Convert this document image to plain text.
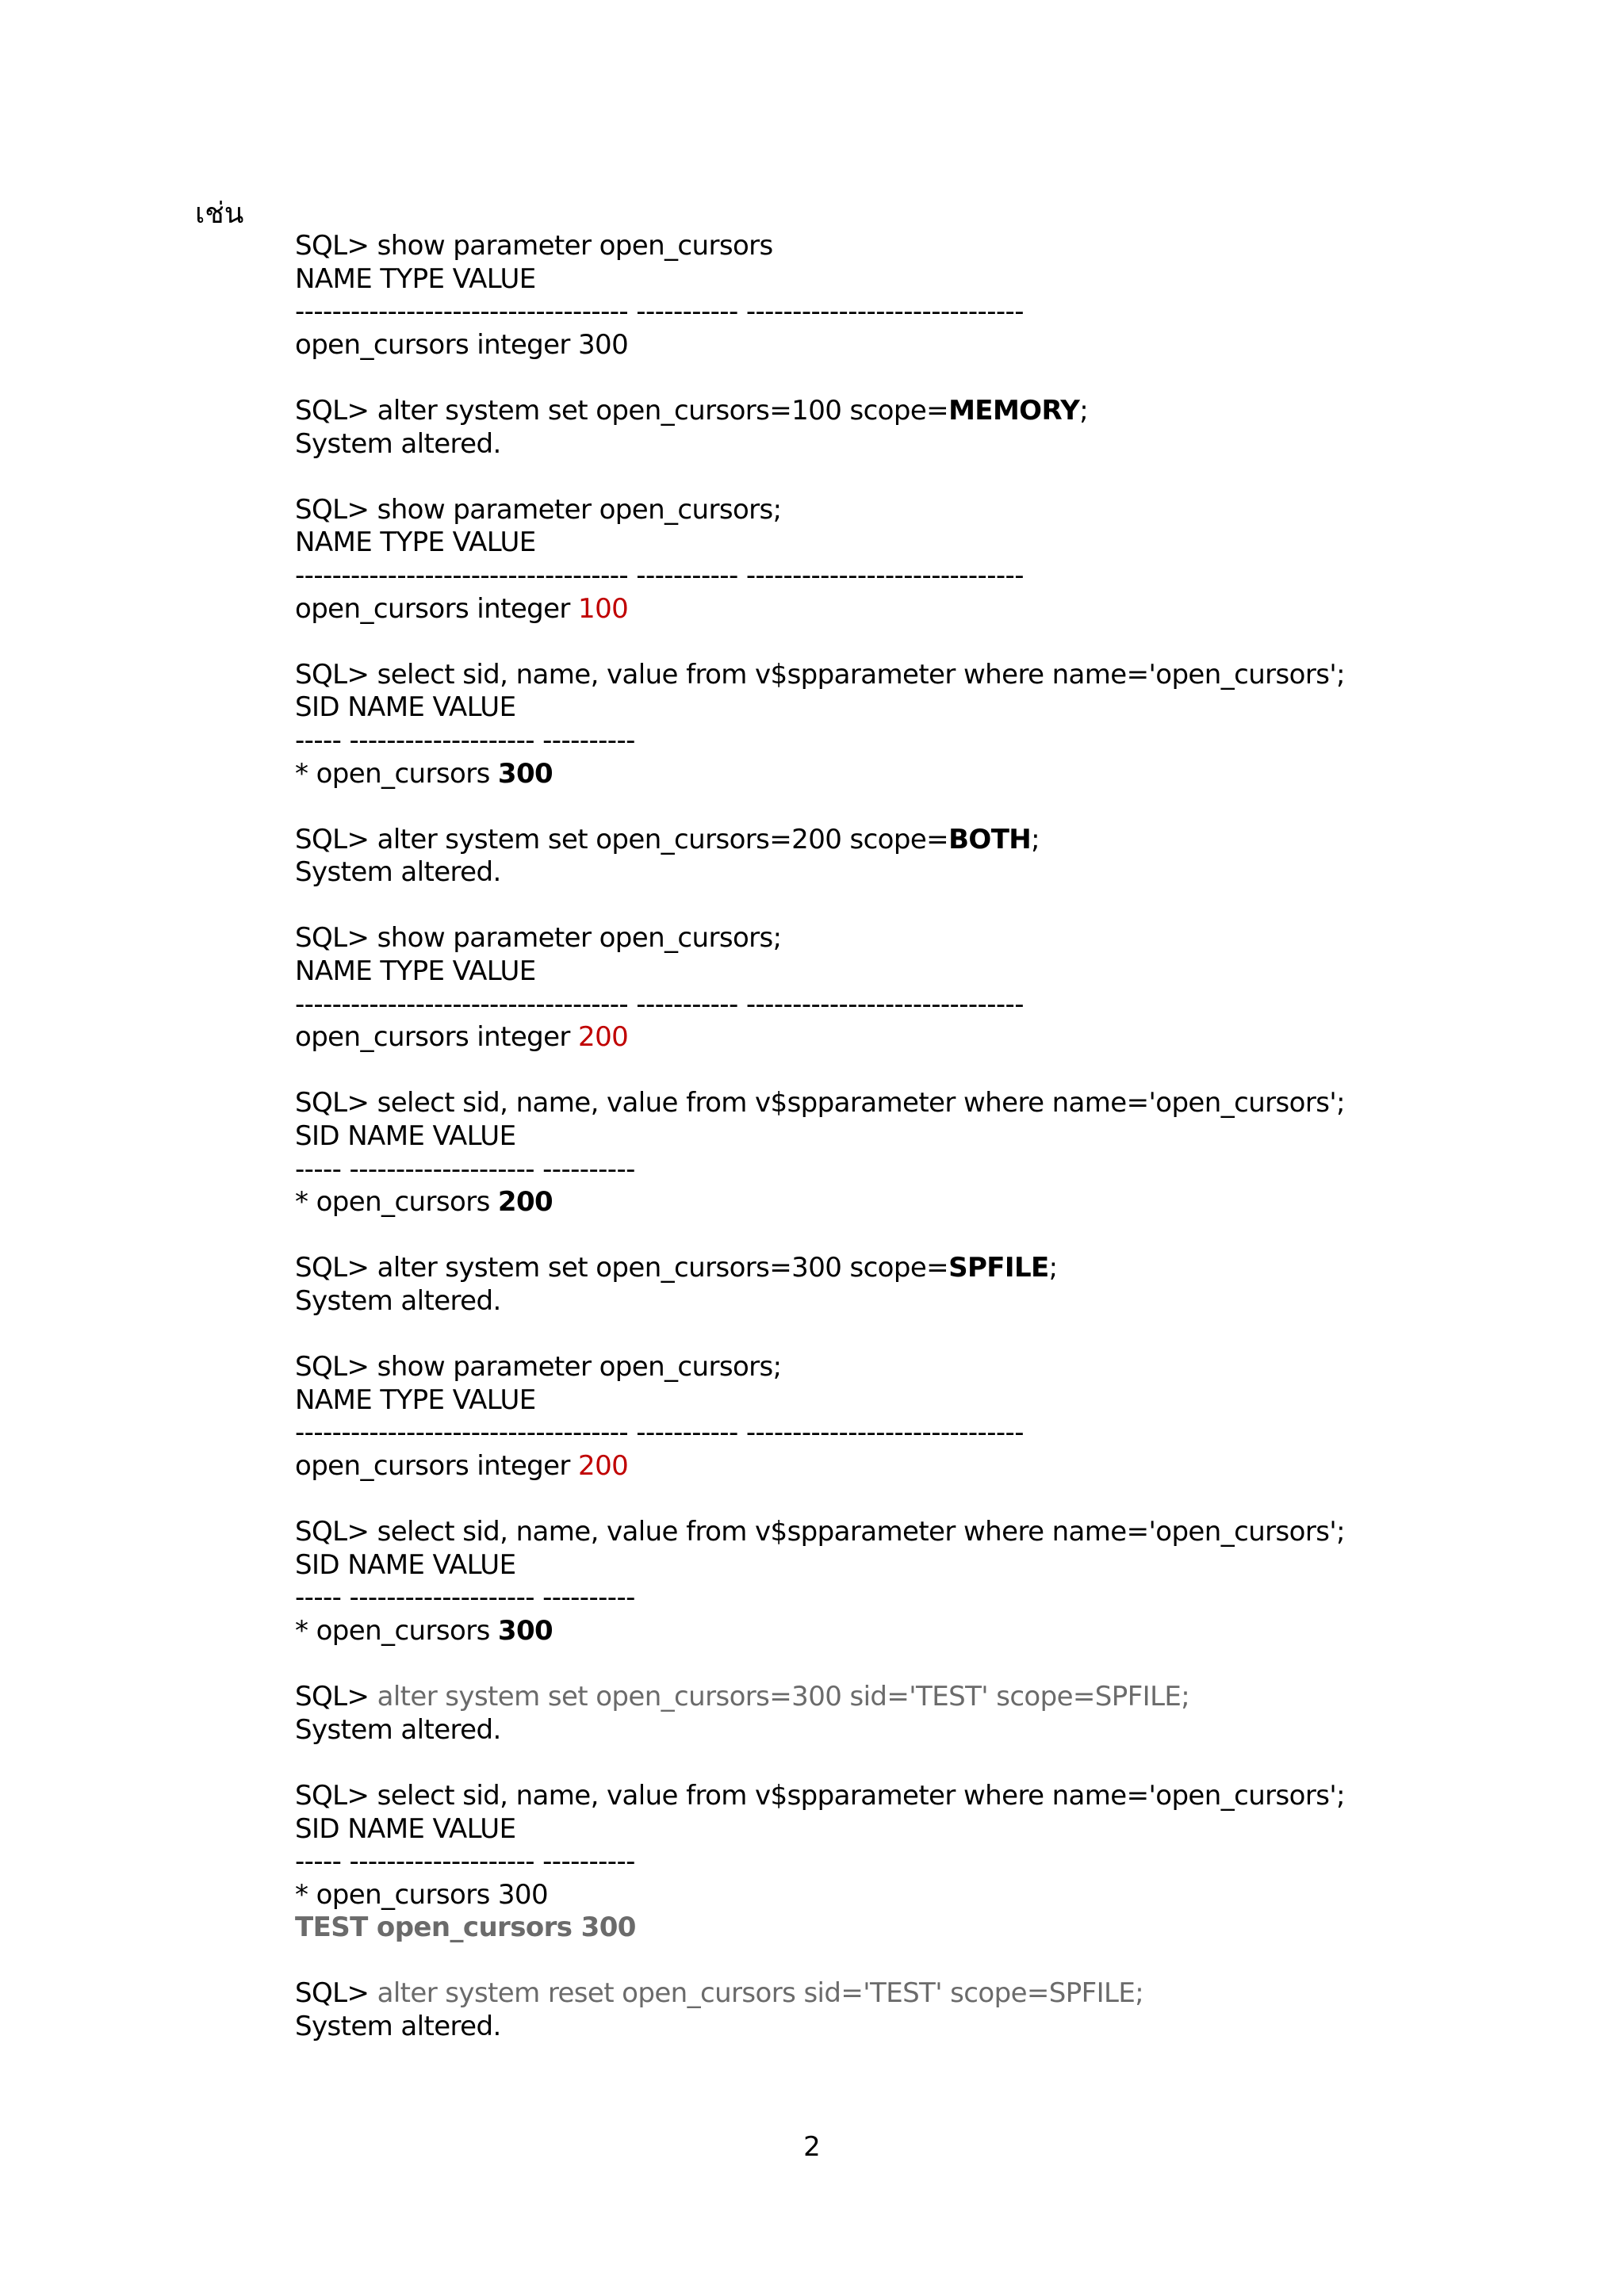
เช่น
SQL> show parameter open_cursors
NAME TYPE VALUE
------------------------------------ ----------- ------------------------------
open_cursors integer 300
SQL> alter system set open_cursors=100 scope=MEMORY;
System altered.
SQL> show parameter open_cursors;
NAME TYPE VALUE
------------------------------------ ----------- ------------------------------
open_cursors integer 100
SQL> select sid, name, value from v$spparameter where name='open_cursors';
SID NAME VALUE
----- -------------------- ----------
* open_cursors 300
SQL> alter system set open_cursors=200 scope=BOTH;
System altered.
SQL> show parameter open_cursors;
NAME TYPE VALUE
------------------------------------ ----------- ------------------------------
open_cursors integer 200
SQL> select sid, name, value from v$spparameter where name='open_cursors';
SID NAME VALUE
----- -------------------- ----------
* open_cursors 200
SQL> alter system set open_cursors=300 scope=SPFILE;
System altered.
SQL> show parameter open_cursors;
NAME TYPE VALUE
------------------------------------ ----------- ------------------------------
open_cursors integer 200
SQL> select sid, name, value from v$spparameter where name='open_cursors';
SID NAME VALUE
----- -------------------- ----------
* open_cursors 300
SQL> alter system set open_cursors=300 sid='TEST' scope=SPFILE;
System altered.
SQL> select sid, name, value from v$spparameter where name='open_cursors';
SID NAME VALUE
----- -------------------- ----------
* open_cursors 300
TEST open_cursors 300
SQL> alter system reset open_cursors sid='TEST' scope=SPFILE;
System altered.
2
